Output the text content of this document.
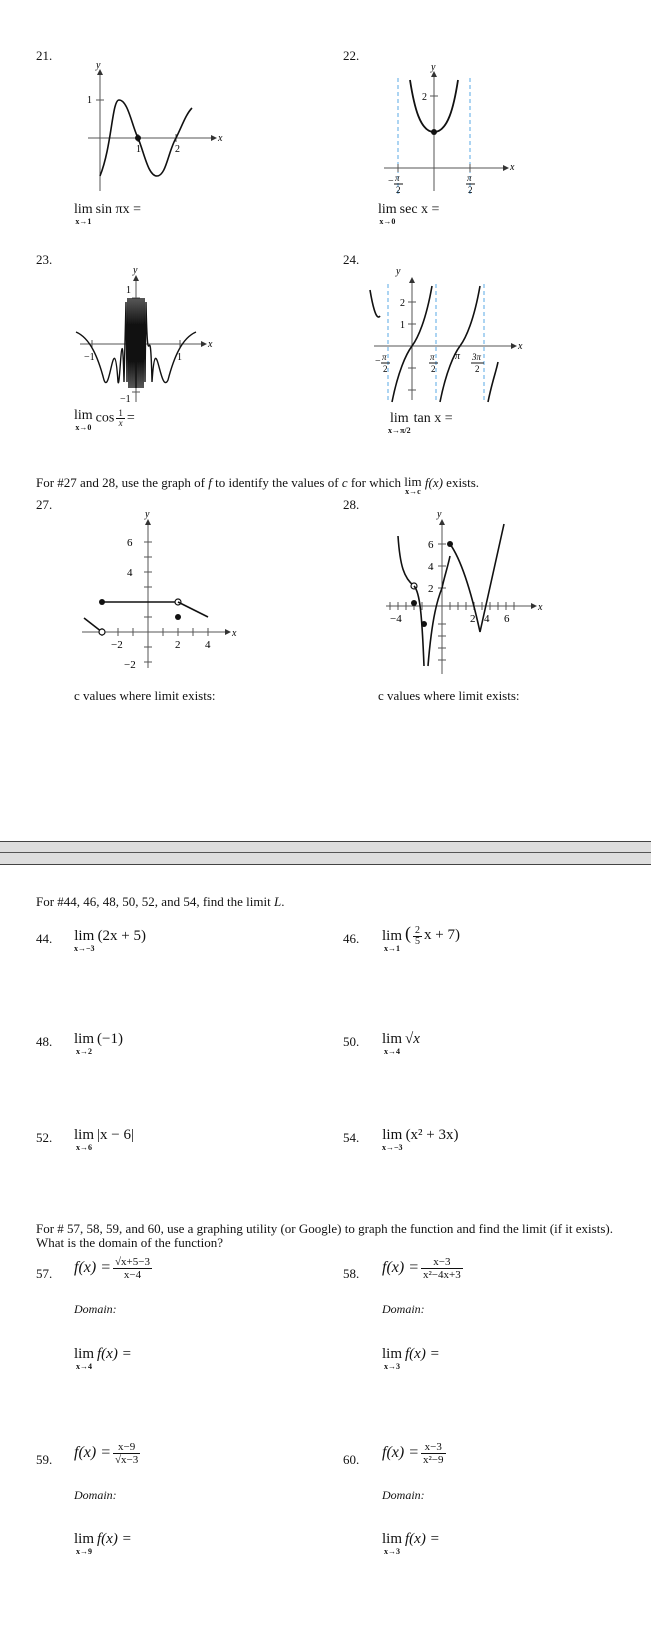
21.	22.
y
x
1
1	2
lim
x→1
sin πx =
y
x
2
− π
2
π
2
lim
x→0
sec x =
23.	24.
y
x
1
−1	1
−1
lim
x→0
$\cos \frac{1}{x}$ =
y
x
2
1
− π
2
π
2
π 3π
2
lim
x→π/2
tan x =
For #27 and 28, use the graph of f to identify the values of c for which lim
x→c
f(x) exists.
27.	28.
y
x
6
4
−2	2 4
−2
y
x
6
4
2
−4	2 4 6
c values where limit exists:	c values where limit exists:
For #44, 46, 48, 50, 52, and 54, find the limit L.
44. lim
x→−3
(2x + 5)	46. lim
x→1
( $\frac{2}{5}$ x + 7)
48. lim
x→2
(−1)	50. lim
x→4
√x
52. lim
x→6
|x − 6|	54. lim
x→−3
(x² + 3x)
For # 57, 58, 59, and 60, use a graphing utility (or Google) to graph the function and find the limit (if it exists).
What is the domain of the function?
57. $f(x) = \frac{√x+5-3}{x-4}$
Domain:
lim
x→4
f(x) =
58. $f(x) = \frac{x-3}{\text{x²−4x+3}}$
Domain:
lim
x→3
f(x) =
59. $f(x) = \frac{x-9}{√x-3}$
Domain:
lim
x→9
f(x) =
60. $f(x) = \frac{x-3}{\text{x²−9}}$
Domain:
lim
x→3
f(x) =
